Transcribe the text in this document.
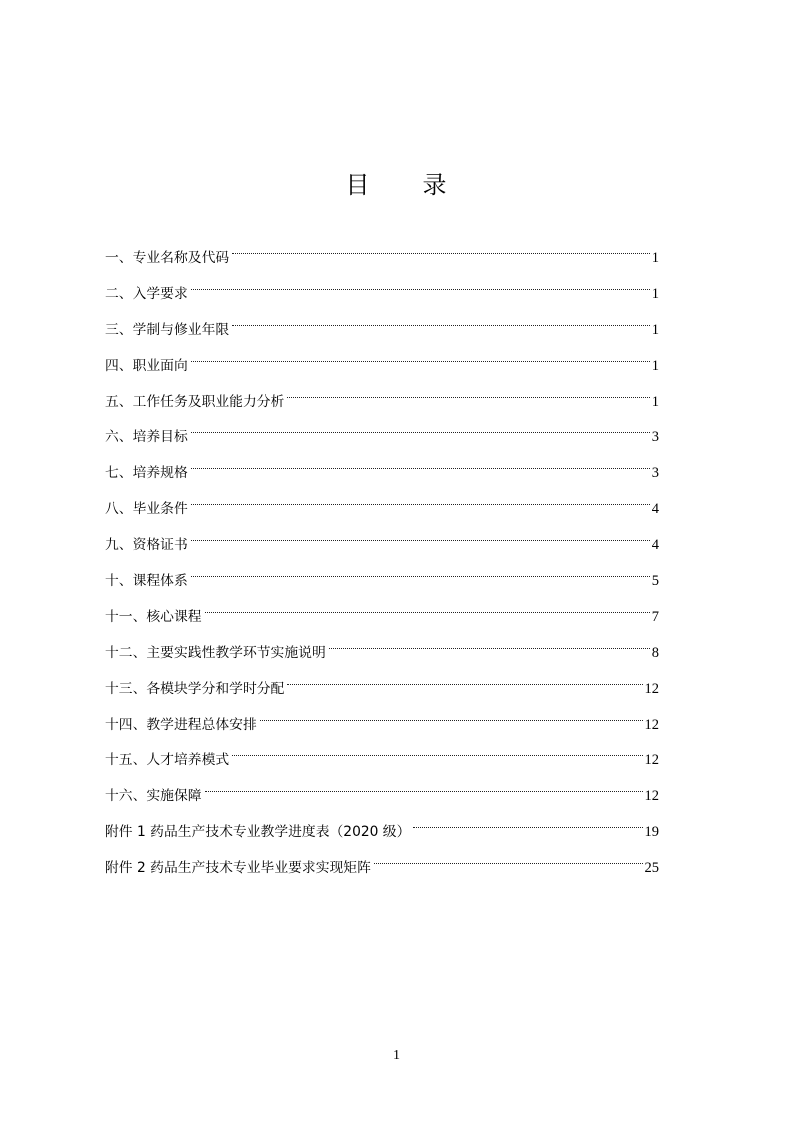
目 录
一、专业名称及代码	1
二、入学要求	1
三、学制与修业年限	1
四、职业面向	1
五、工作任务及职业能力分析	1
六、培养目标	3
七、培养规格	3
八、毕业条件	4
九、资格证书	4
十、课程体系	5
十一、核心课程	7
十二、主要实践性教学环节实施说明	8
十三、各模块学分和学时分配	12
十四、教学进程总体安排	12
十五、人才培养模式	12
十六、实施保障	12
附件 1 药品生产技术专业教学进度表（2020 级）	19
附件 2 药品生产技术专业毕业要求实现矩阵	25
1
